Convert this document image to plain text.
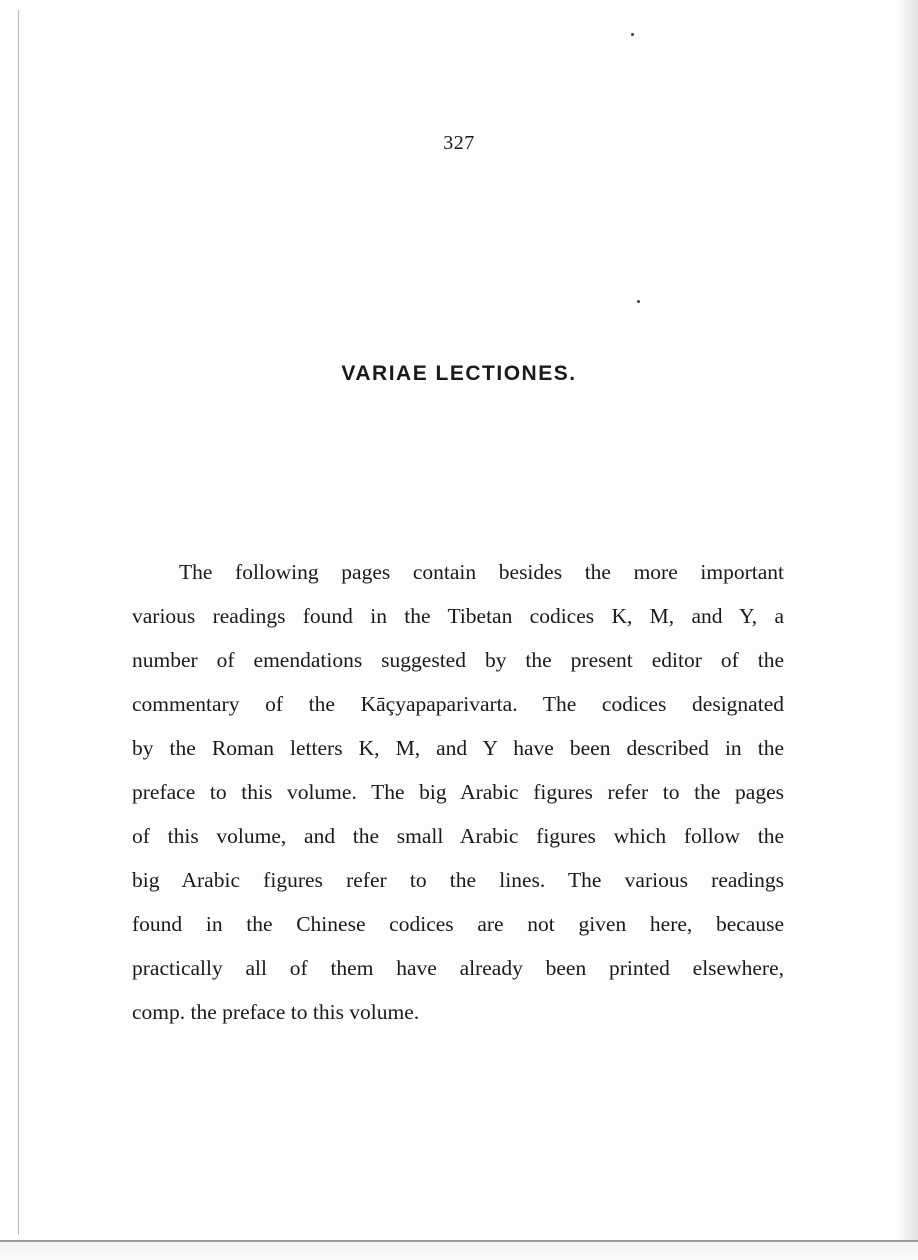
327
VARIAE LECTIONES.
The following pages contain besides the more important
various readings found in the Tibetan codices K, M, and Y, a
number of emendations suggested by the present editor of the
commentary of the Kāçyapaparivarta. The codices designated
by the Roman letters K, M, and Y have been described in the
preface to this volume. The big Arabic figures refer to the pages
of this volume, and the small Arabic figures which follow the
big Arabic figures refer to the lines. The various readings
found in the Chinese codices are not given here, because
practically all of them have already been printed elsewhere,
comp. the preface to this volume.
